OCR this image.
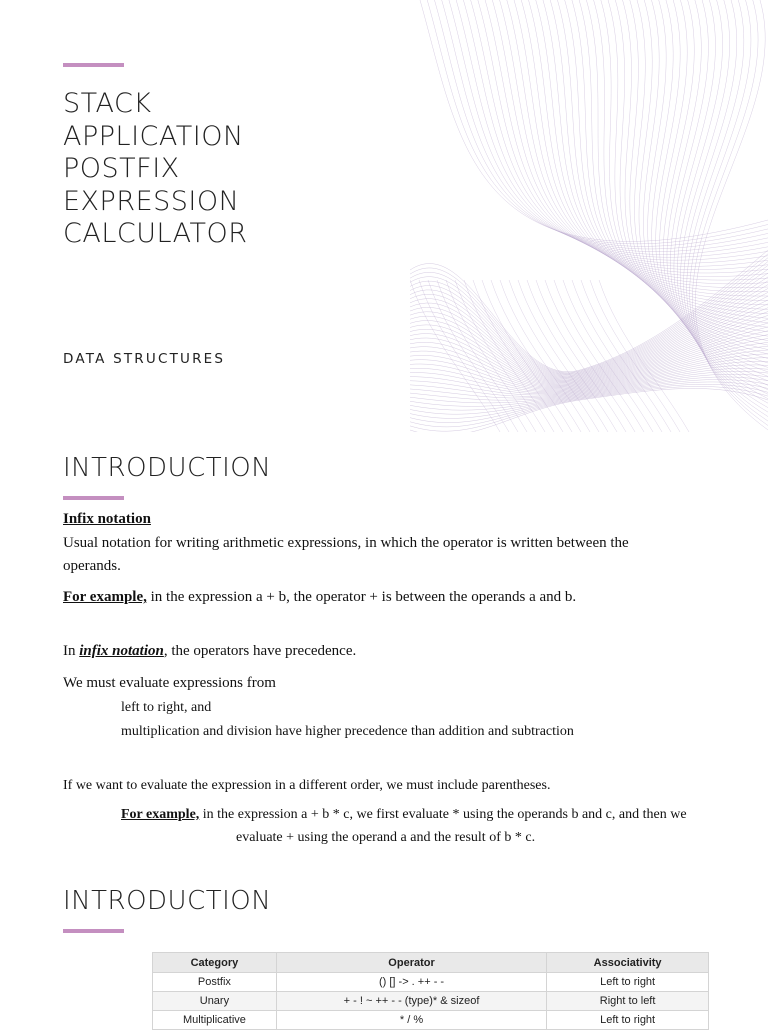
STACK
APPLICATION
POSTFIX
EXPRESSION
CALCULATOR
DATA STRUCTURES
INTRODUCTION
Infix notation
Usual notation for writing arithmetic expressions, in which the operator is written between the
operands.
For example, in the expression a + b, the operator + is between the operands a and b.
In infix notation, the operators have precedence.
We must evaluate expressions from
left to right, and
multiplication and division have higher precedence than addition and subtraction
If we want to evaluate the expression in a different order, we must include parentheses.
For example, in the expression a + b * c, we first evaluate * using the operands b and c, and then we
evaluate + using the operand a and the result of b * c.
INTRODUCTION
Category	Operator	Associativity
Postfix	() [] -> . ++ - -	Left to right
Unary	+ - ! ~ ++ - - (type)* & sizeof	Right to left
Multiplicative	* / %	Left to right
